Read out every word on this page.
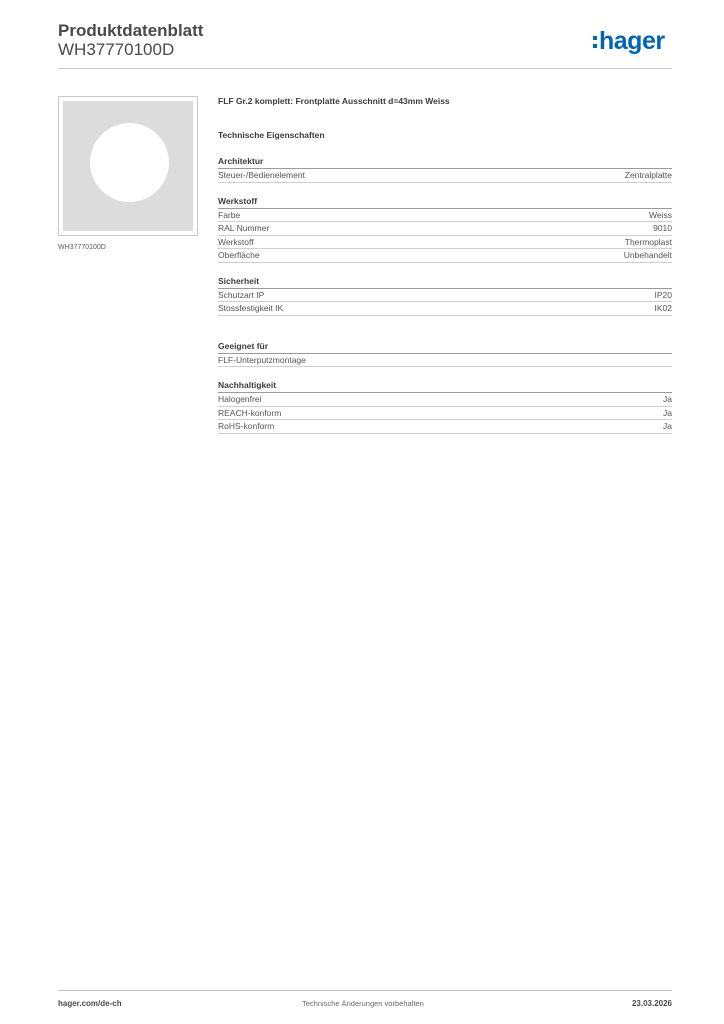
Produktdatenblatt
WH37770100D	hager
WH37770100D
FLF Gr.2 komplett: Frontplatte Ausschnitt d=43mm Weiss
Technische Eigenschaften
Architektur
Steuer-/Bedienelement	Zentralplatte
Werkstoff
Farbe	Weiss
RAL Nummer	9010
Werkstoff	Thermoplast
Oberfläche	Unbehandelt
Sicherheit
Schutzart IP	IP20
Stossfestigkeit IK	IK02
Geeignet für
FLF-Unterputzmontage
Nachhaltigkeit
Halogenfrei	Ja
REACH-konform	Ja
RoHS-konform	Ja
hager.com/de-ch	Technische Änderungen vorbehalten	23.03.2026
